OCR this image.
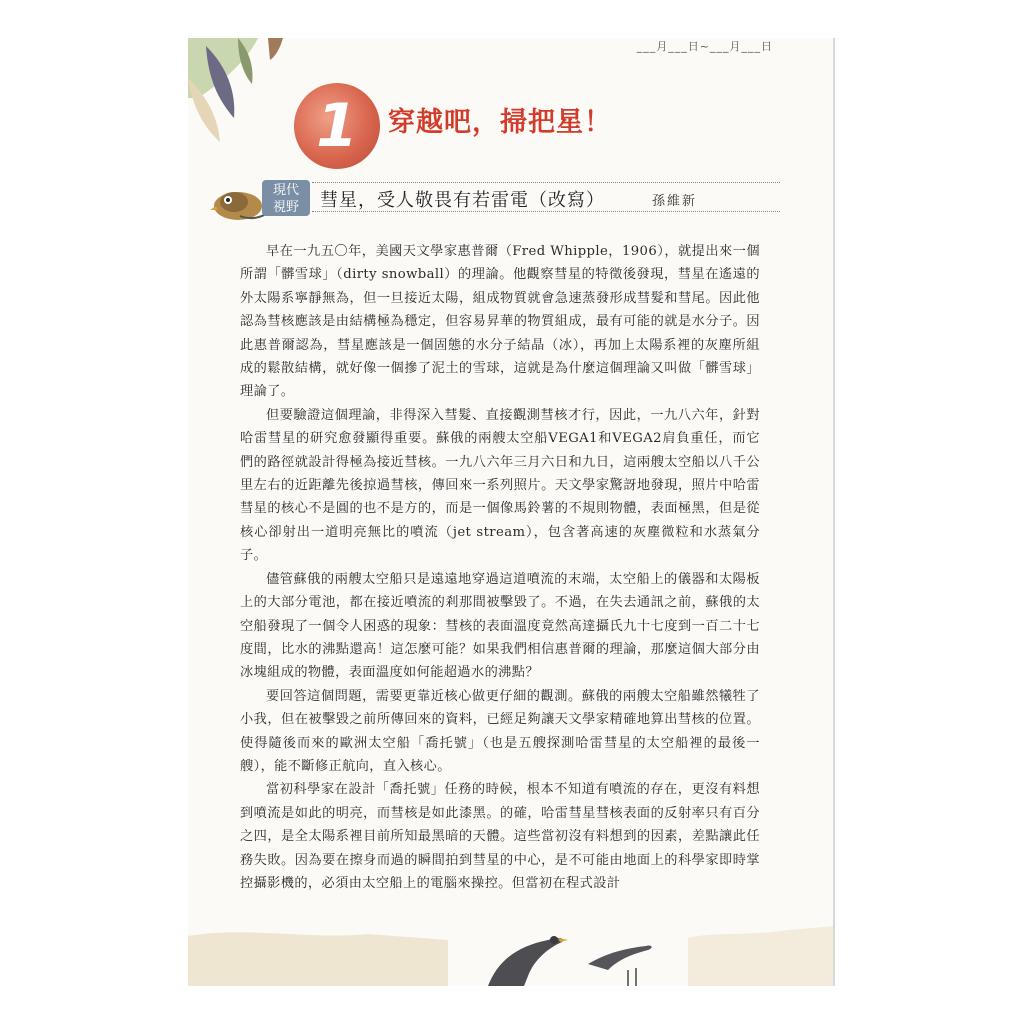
___月___日~___月___日
1	穿越吧，掃把星！
現代
視野	彗星，受人敬畏有若雷電（改寫）	孫維新

早在一九五〇年，美國天文學家惠普爾（Fred Whipple，1906），就提出來一個所謂「髒雪球」（dirty snowball）的理論。他觀察彗星的特徵後發現，彗星在遙遠的外太陽系寧靜無為，但一旦接近太陽，組成物質就會急速蒸發形成彗髮和彗尾。因此他認為彗核應該是由結構極為穩定，但容易昇華的物質組成，最有可能的就是水分子。因此惠普爾認為，彗星應該是一個固態的水分子結晶（冰），再加上太陽系裡的灰塵所組成的鬆散結構，就好像一個摻了泥土的雪球，這就是為什麼這個理論又叫做「髒雪球」理論了。

但要驗證這個理論，非得深入彗髮、直接觀測彗核才行，因此，一九八六年，針對哈雷彗星的研究愈發顯得重要。蘇俄的兩艘太空船VEGA1和VEGA2肩負重任，而它們的路徑就設計得極為接近彗核。一九八六年三月六日和九日，這兩艘太空船以八千公里左右的近距離先後掠過彗核，傳回來一系列照片。天文學家驚訝地發現，照片中哈雷彗星的核心不是圓的也不是方的，而是一個像馬鈴薯的不規則物體，表面極黑，但是從核心卻射出一道明亮無比的噴流（jet stream），包含著高速的灰塵微粒和水蒸氣分子。

儘管蘇俄的兩艘太空船只是遠遠地穿過這道噴流的末端，太空船上的儀器和太陽板上的大部分電池，都在接近噴流的剎那間被擊毀了。不過，在失去通訊之前，蘇俄的太空船發現了一個令人困惑的現象：彗核的表面溫度竟然高達攝氏九十七度到一百二十七度間，比水的沸點還高！這怎麼可能？如果我們相信惠普爾的理論，那麼這個大部分由冰塊組成的物體，表面溫度如何能超過水的沸點？

要回答這個問題，需要更靠近核心做更仔細的觀測。蘇俄的兩艘太空船雖然犧牲了小我，但在被擊毀之前所傳回來的資料，已經足夠讓天文學家精確地算出彗核的位置。使得隨後而來的歐洲太空船「喬托號」（也是五艘探測哈雷彗星的太空船裡的最後一艘），能不斷修正航向，直入核心。

當初科學家在設計「喬托號」任務的時候，根本不知道有噴流的存在，更沒有料想到噴流是如此的明亮，而彗核是如此漆黑。的確，哈雷彗星彗核表面的反射率只有百分之四，是全太陽系裡目前所知最黑暗的天體。這些當初沒有料想到的因素，差點讓此任務失敗。因為要在擦身而過的瞬間拍到彗星的中心，是不可能由地面上的科學家即時掌控攝影機的，必須由太空船上的電腦來操控。但當初在程式設計
